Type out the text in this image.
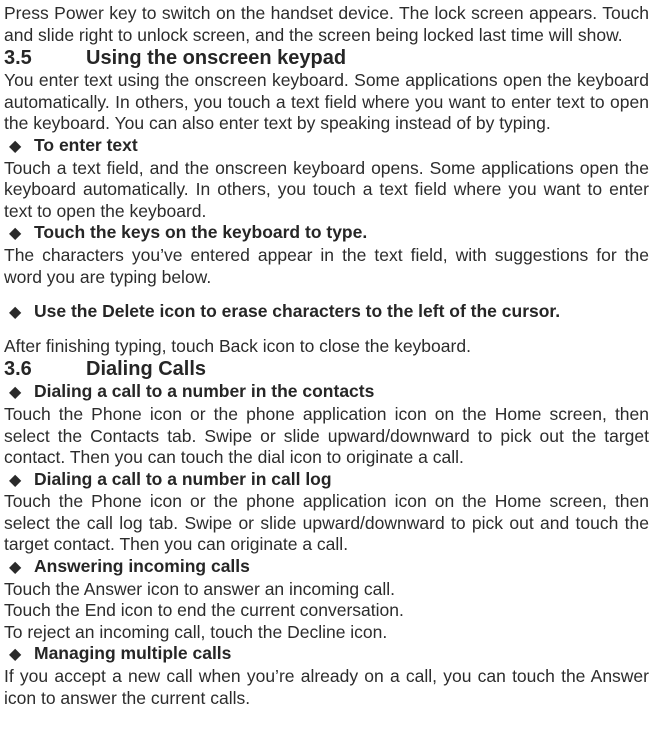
Press Power key to switch on the handset device. The lock screen appears. Touch and slide right to unlock screen, and the screen being locked last time will show.

3.5	Using the onscreen keypad

You enter text using the onscreen keyboard. Some applications open the keyboard automatically. In others, you touch a text field where you want to enter text to open the keyboard. You can also enter text by speaking instead of by typing.

◆ To enter text

Touch a text field, and the onscreen keyboard opens. Some applications open the keyboard automatically. In others, you touch a text field where you want to enter text to open the keyboard.

◆ Touch the keys on the keyboard to type.

The characters you’ve entered appear in the text field, with suggestions for the word you are typing below.

◆ Use the Delete icon to erase characters to the left of the cursor.

After finishing typing, touch Back icon to close the keyboard.

3.6	Dialing Calls
◆ Dialing a call to a number in the contacts

Touch the Phone icon or the phone application icon on the Home screen, then select the Contacts tab. Swipe or slide upward/downward to pick out the target contact. Then you can touch the dial icon to originate a call.

◆ Dialing a call to a number in call log

Touch the Phone icon or the phone application icon on the Home screen, then select the call log tab. Swipe or slide upward/downward to pick out and touch the target contact. Then you can originate a call.

◆ Answering incoming calls

Touch the Answer icon to answer an incoming call.

Touch the End icon to end the current conversation.

To reject an incoming call, touch the Decline icon.

◆ Managing multiple calls

If you accept a new call when you’re already on a call, you can touch the Answer icon to answer the current calls.
